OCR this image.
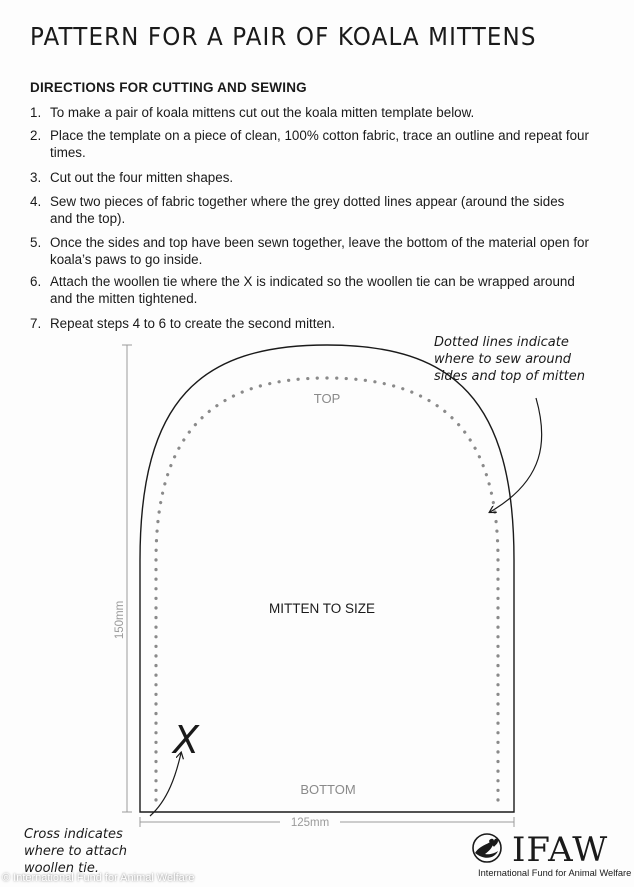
PATTERN FOR A PAIR OF KOALA MITTENS
DIRECTIONS FOR CUTTING AND SEWING
1. To make a pair of koala mittens cut out the koala mitten template below.
2. Place the template on a piece of clean, 100% cotton fabric, trace an outline and repeat four times.
3. Cut out the four mitten shapes.
4. Sew two pieces of fabric together where the grey dotted lines appear (around the sides and the top).
5. Once the sides and top have been sewn together, leave the bottom of the material open for koala’s paws to go inside.
6. Attach the woollen tie where the X is indicated so the woollen tie can be wrapped around and the mitten tightened.
7. Repeat steps 4 to 6 to create the second mitten.
TOP
MITTEN TO SIZE
BOTTOM
150mm
125mm
X
Dotted lines indicate
where to sew around
sides and top of mitten
Cross indicates
where to attach
woollen tie.	IFAW
International Fund for Animal Welfare
© International Fund for Animal Welfare
